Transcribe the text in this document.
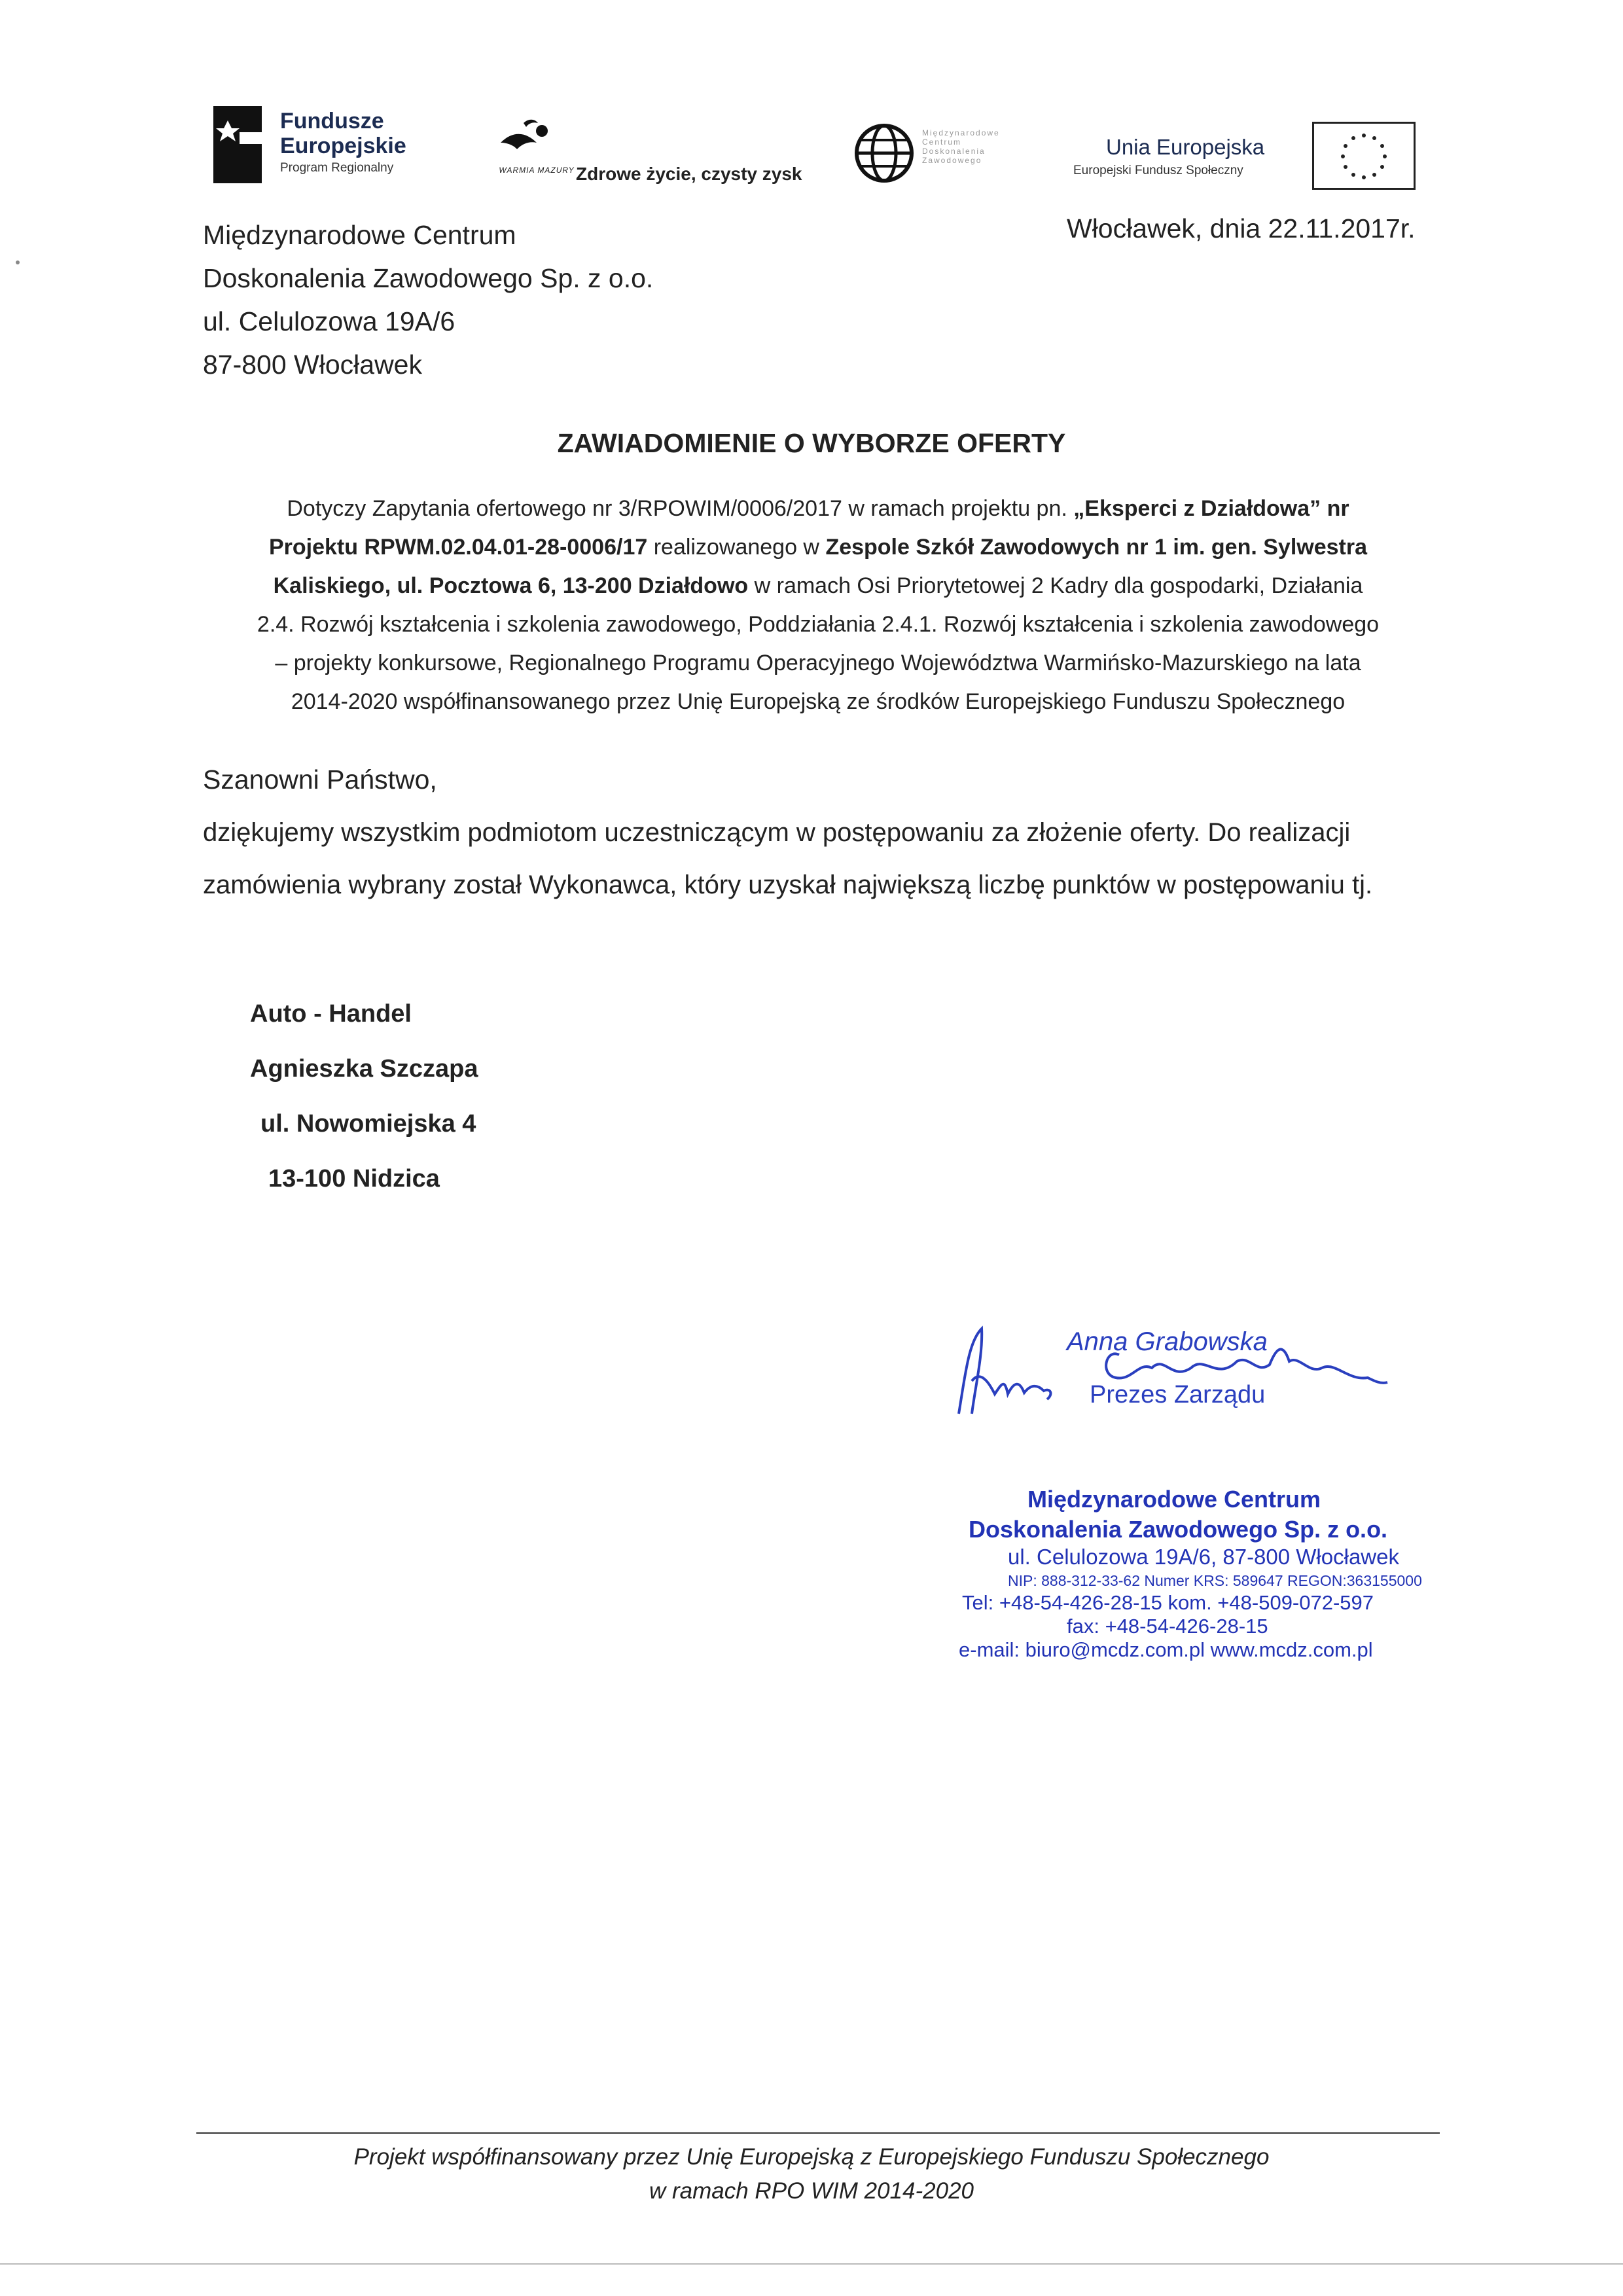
Fundusze
Europejskie
Program Regionalny	WARMIA MAZURY Zdrowe życie, czysty zysk
Międzynarodowe
Centrum
Doskonalenia
Zawodowego
Unia Europejska
Europejski Fundusz Społeczny
Międzynarodowe Centrum
Doskonalenia Zawodowego Sp. z o.o.
ul. Celulozowa 19A/6
87-800 Włocławek
Włocławek, dnia 22.11.2017r.
ZAWIADOMIENIE O WYBORZE OFERTY
Dotyczy Zapytania ofertowego nr 3/RPOWIM/0006/2017 w ramach projektu pn. „Eksperci z Działdowa” nr
Projektu RPWM.02.04.01-28-0006/17 realizowanego w Zespole Szkół Zawodowych nr 1 im. gen. Sylwestra
Kaliskiego, ul. Pocztowa 6, 13-200 Działdowo w ramach Osi Priorytetowej 2 Kadry dla gospodarki, Działania
2.4. Rozwój kształcenia i szkolenia zawodowego, Poddziałania 2.4.1. Rozwój kształcenia i szkolenia zawodowego
– projekty konkursowe, Regionalnego Programu Operacyjnego Województwa Warmińsko-Mazurskiego na lata
2014-2020 współfinansowanego przez Unię Europejską ze środków Europejskiego Funduszu Społecznego
Szanowni Państwo,
dziękujemy wszystkim podmiotom uczestniczącym w postępowaniu za złożenie oferty. Do realizacji
zamówienia wybrany został Wykonawca, który uzyskał największą liczbę punktów w postępowaniu tj.
Auto - Handel
Agnieszka Szczapa
ul. Nowomiejska 4
13-100 Nidzica
Anna Grabowska
Prezes Zarządu
Międzynarodowe Centrum
Doskonalenia Zawodowego Sp. z o.o.
ul. Celulozowa 19A/6, 87-800 Włocławek
NIP: 888-312-33-62 Numer KRS: 589647 REGON:363155000
Tel: +48-54-426-28-15 kom. +48-509-072-597
fax: +48-54-426-28-15
e-mail: biuro@mcdz.com.pl www.mcdz.com.pl
Projekt współfinansowany przez Unię Europejską z Europejskiego Funduszu Społecznego
w ramach RPO WIM 2014-2020
